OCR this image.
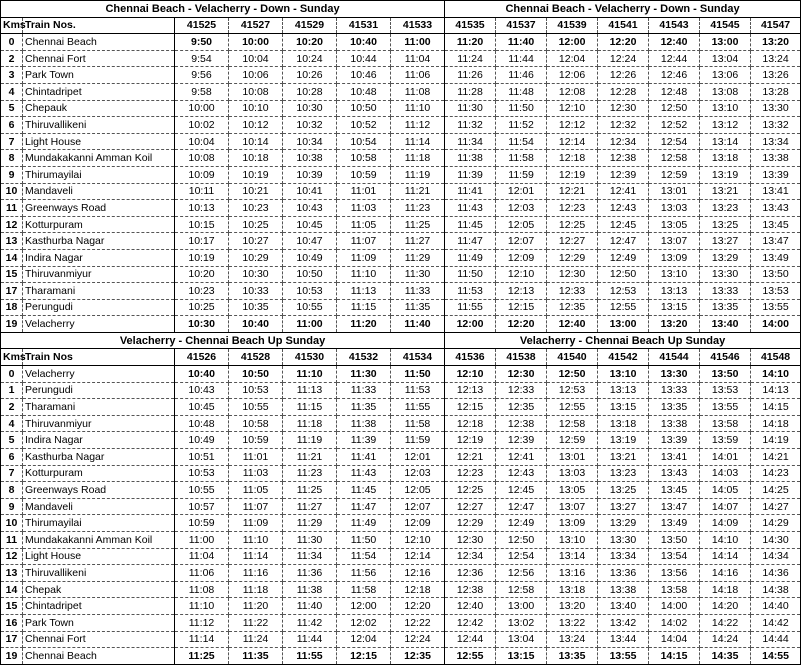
Chennai Beach - Velacherry - Down - Sunday							Chennai Beach - Velacherry - Down - Sunday						
Kms	Train Nos.	41525	41527	41529	41531	41533	41535	41537	41539	41541	41543	41545	41547
0	Chennai Beach	9:50	10:00	10:20	10:40	11:00	11:20	11:40	12:00	12:20	12:40	13:00	13:20
2	Chennai Fort	9:54	10:04	10:24	10:44	11:04	11:24	11:44	12:04	12:24	12:44	13:04	13:24
3	Park Town	9:56	10:06	10:26	10:46	11:06	11:26	11:46	12:06	12:26	12:46	13:06	13:26
4	Chintadripet	9:58	10:08	10:28	10:48	11:08	11:28	11:48	12:08	12:28	12:48	13:08	13:28
5	Chepauk	10:00	10:10	10:30	10:50	11:10	11:30	11:50	12:10	12:30	12:50	13:10	13:30
6	Thiruvallikeni	10:02	10:12	10:32	10:52	11:12	11:32	11:52	12:12	12:32	12:52	13:12	13:32
7	Light House	10:04	10:14	10:34	10:54	11:14	11:34	11:54	12:14	12:34	12:54	13:14	13:34
8	Mundakakanni Amman Koil	10:08	10:18	10:38	10:58	11:18	11:38	11:58	12:18	12:38	12:58	13:18	13:38
9	Thirumayilai	10:09	10:19	10:39	10:59	11:19	11:39	11:59	12:19	12:39	12:59	13:19	13:39
10	Mandaveli	10:11	10:21	10:41	11:01	11:21	11:41	12:01	12:21	12:41	13:01	13:21	13:41
11	Greenways Road	10:13	10:23	10:43	11:03	11:23	11:43	12:03	12:23	12:43	13:03	13:23	13:43
12	Kotturpuram	10:15	10:25	10:45	11:05	11:25	11:45	12:05	12:25	12:45	13:05	13:25	13:45
13	Kasthurba Nagar	10:17	10:27	10:47	11:07	11:27	11:47	12:07	12:27	12:47	13:07	13:27	13:47
14	Indira Nagar	10:19	10:29	10:49	11:09	11:29	11:49	12:09	12:29	12:49	13:09	13:29	13:49
15	Thiruvanmiyur	10:20	10:30	10:50	11:10	11:30	11:50	12:10	12:30	12:50	13:10	13:30	13:50
17	Tharamani	10:23	10:33	10:53	11:13	11:33	11:53	12:13	12:33	12:53	13:13	13:33	13:53
18	Perungudi	10:25	10:35	10:55	11:15	11:35	11:55	12:15	12:35	12:55	13:15	13:35	13:55
19	Velacherry	10:30	10:40	11:00	11:20	11:40	12:00	12:20	12:40	13:00	13:20	13:40	14:00
Velacherry - Chennai Beach Up Sunday							Velacherry - Chennai Beach Up Sunday						
Kms	Train Nos	41526	41528	41530	41532	41534	41536	41538	41540	41542	41544	41546	41548
0	Velacherry	10:40	10:50	11:10	11:30	11:50	12:10	12:30	12:50	13:10	13:30	13:50	14:10
1	Perungudi	10:43	10:53	11:13	11:33	11:53	12:13	12:33	12:53	13:13	13:33	13:53	14:13
2	Tharamani	10:45	10:55	11:15	11:35	11:55	12:15	12:35	12:55	13:15	13:35	13:55	14:15
4	Thiruvanmiyur	10:48	10:58	11:18	11:38	11:58	12:18	12:38	12:58	13:18	13:38	13:58	14:18
5	Indira Nagar	10:49	10:59	11:19	11:39	11:59	12:19	12:39	12:59	13:19	13:39	13:59	14:19
6	Kasthurba Nagar	10:51	11:01	11:21	11:41	12:01	12:21	12:41	13:01	13:21	13:41	14:01	14:21
7	Kotturpuram	10:53	11:03	11:23	11:43	12:03	12:23	12:43	13:03	13:23	13:43	14:03	14:23
8	Greenways Road	10:55	11:05	11:25	11:45	12:05	12:25	12:45	13:05	13:25	13:45	14:05	14:25
9	Mandaveli	10:57	11:07	11:27	11:47	12:07	12:27	12:47	13:07	13:27	13:47	14:07	14:27
10	Thirumayilai	10:59	11:09	11:29	11:49	12:09	12:29	12:49	13:09	13:29	13:49	14:09	14:29
11	Mundakakanni Amman Koil	11:00	11:10	11:30	11:50	12:10	12:30	12:50	13:10	13:30	13:50	14:10	14:30
12	Light House	11:04	11:14	11:34	11:54	12:14	12:34	12:54	13:14	13:34	13:54	14:14	14:34
13	Thiruvallikeni	11:06	11:16	11:36	11:56	12:16	12:36	12:56	13:16	13:36	13:56	14:16	14:36
14	Chepak	11:08	11:18	11:38	11:58	12:18	12:38	12:58	13:18	13:38	13:58	14:18	14:38
15	Chintadripet	11:10	11:20	11:40	12:00	12:20	12:40	13:00	13:20	13:40	14:00	14:20	14:40
16	Park Town	11:12	11:22	11:42	12:02	12:22	12:42	13:02	13:22	13:42	14:02	14:22	14:42
17	Chennai Fort	11:14	11:24	11:44	12:04	12:24	12:44	13:04	13:24	13:44	14:04	14:24	14:44
19	Chennai Beach	11:25	11:35	11:55	12:15	12:35	12:55	13:15	13:35	13:55	14:15	14:35	14:55
